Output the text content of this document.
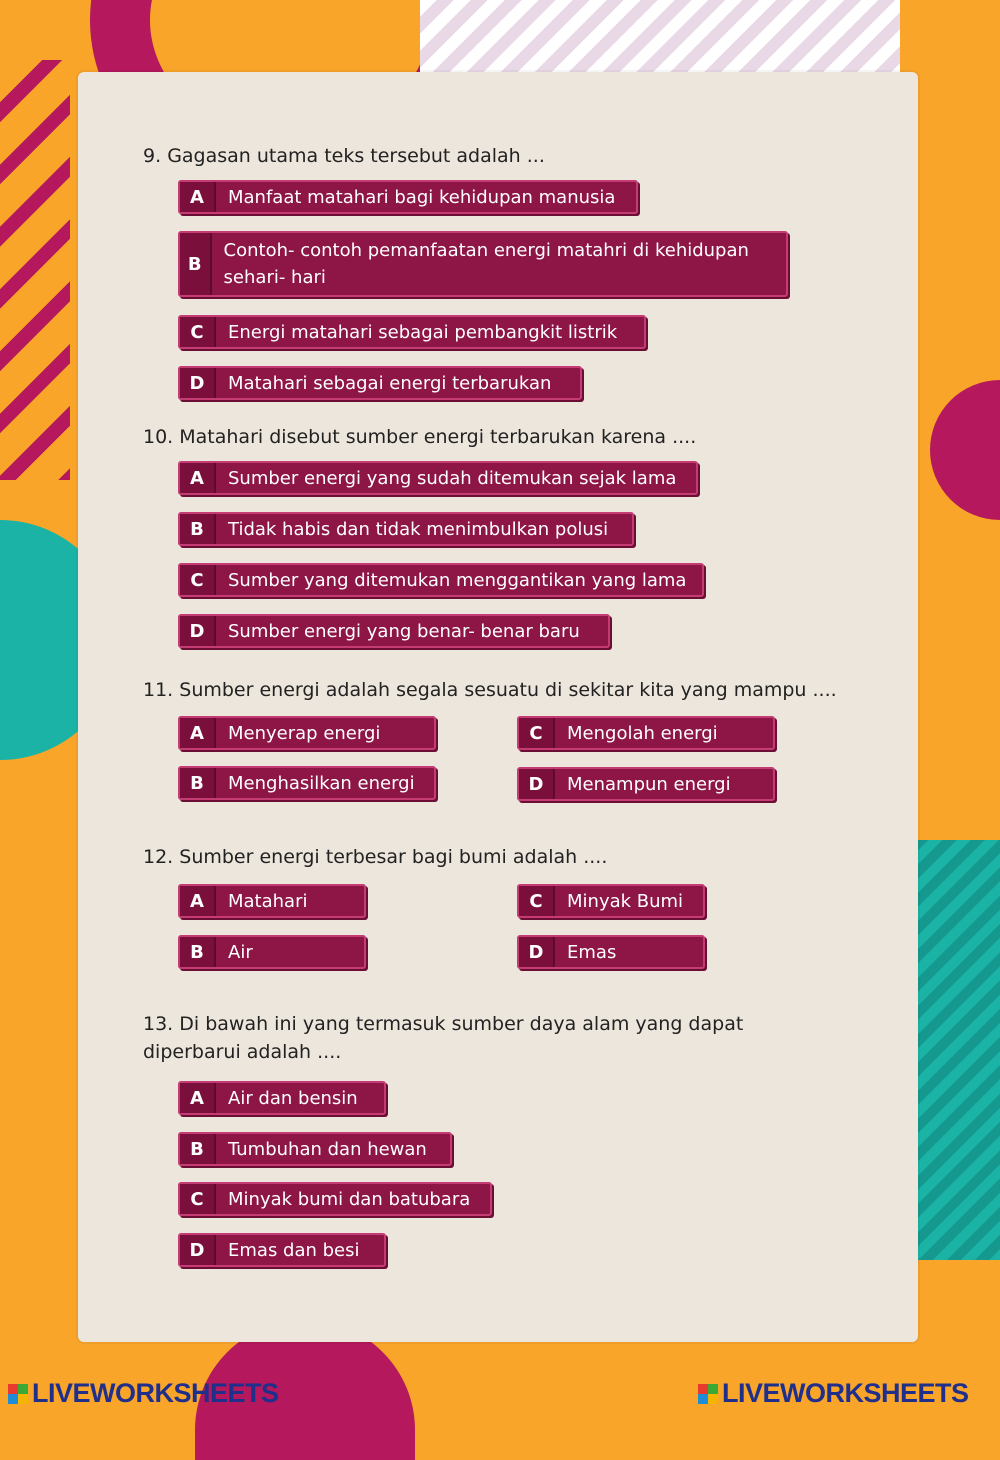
9. Gagasan utama teks tersebut adalah ...
A	Manfaat matahari bagi kehidupan manusia
B
Contoh- contoh pemanfaatan energi matahri di kehidupan sehari- hari
C	Energi matahari sebagai pembangkit listrik
D	Matahari sebagai energi terbarukan
10. Matahari disebut sumber energi terbarukan karena ....
A	Sumber energi yang sudah ditemukan sejak lama
B	Tidak habis dan tidak menimbulkan polusi
C	Sumber yang ditemukan menggantikan yang lama
D	Sumber energi yang benar- benar baru
11. Sumber energi adalah segala sesuatu di sekitar kita yang mampu ....
A	Menyerap energi
B	Menghasilkan energi
C	Mengolah energi
D	Menampun energi
12. Sumber energi terbesar bagi bumi adalah ....
A	Matahari
B	Air
C	Minyak Bumi
D	Emas
13. Di bawah ini yang termasuk sumber daya alam yang dapat diperbarui adalah ....
A	Air dan bensin
B	Tumbuhan dan hewan
C	Minyak bumi dan batubara
D	Emas dan besi
LIVEWORKSHEETS	LIVEWORKSHEETS
